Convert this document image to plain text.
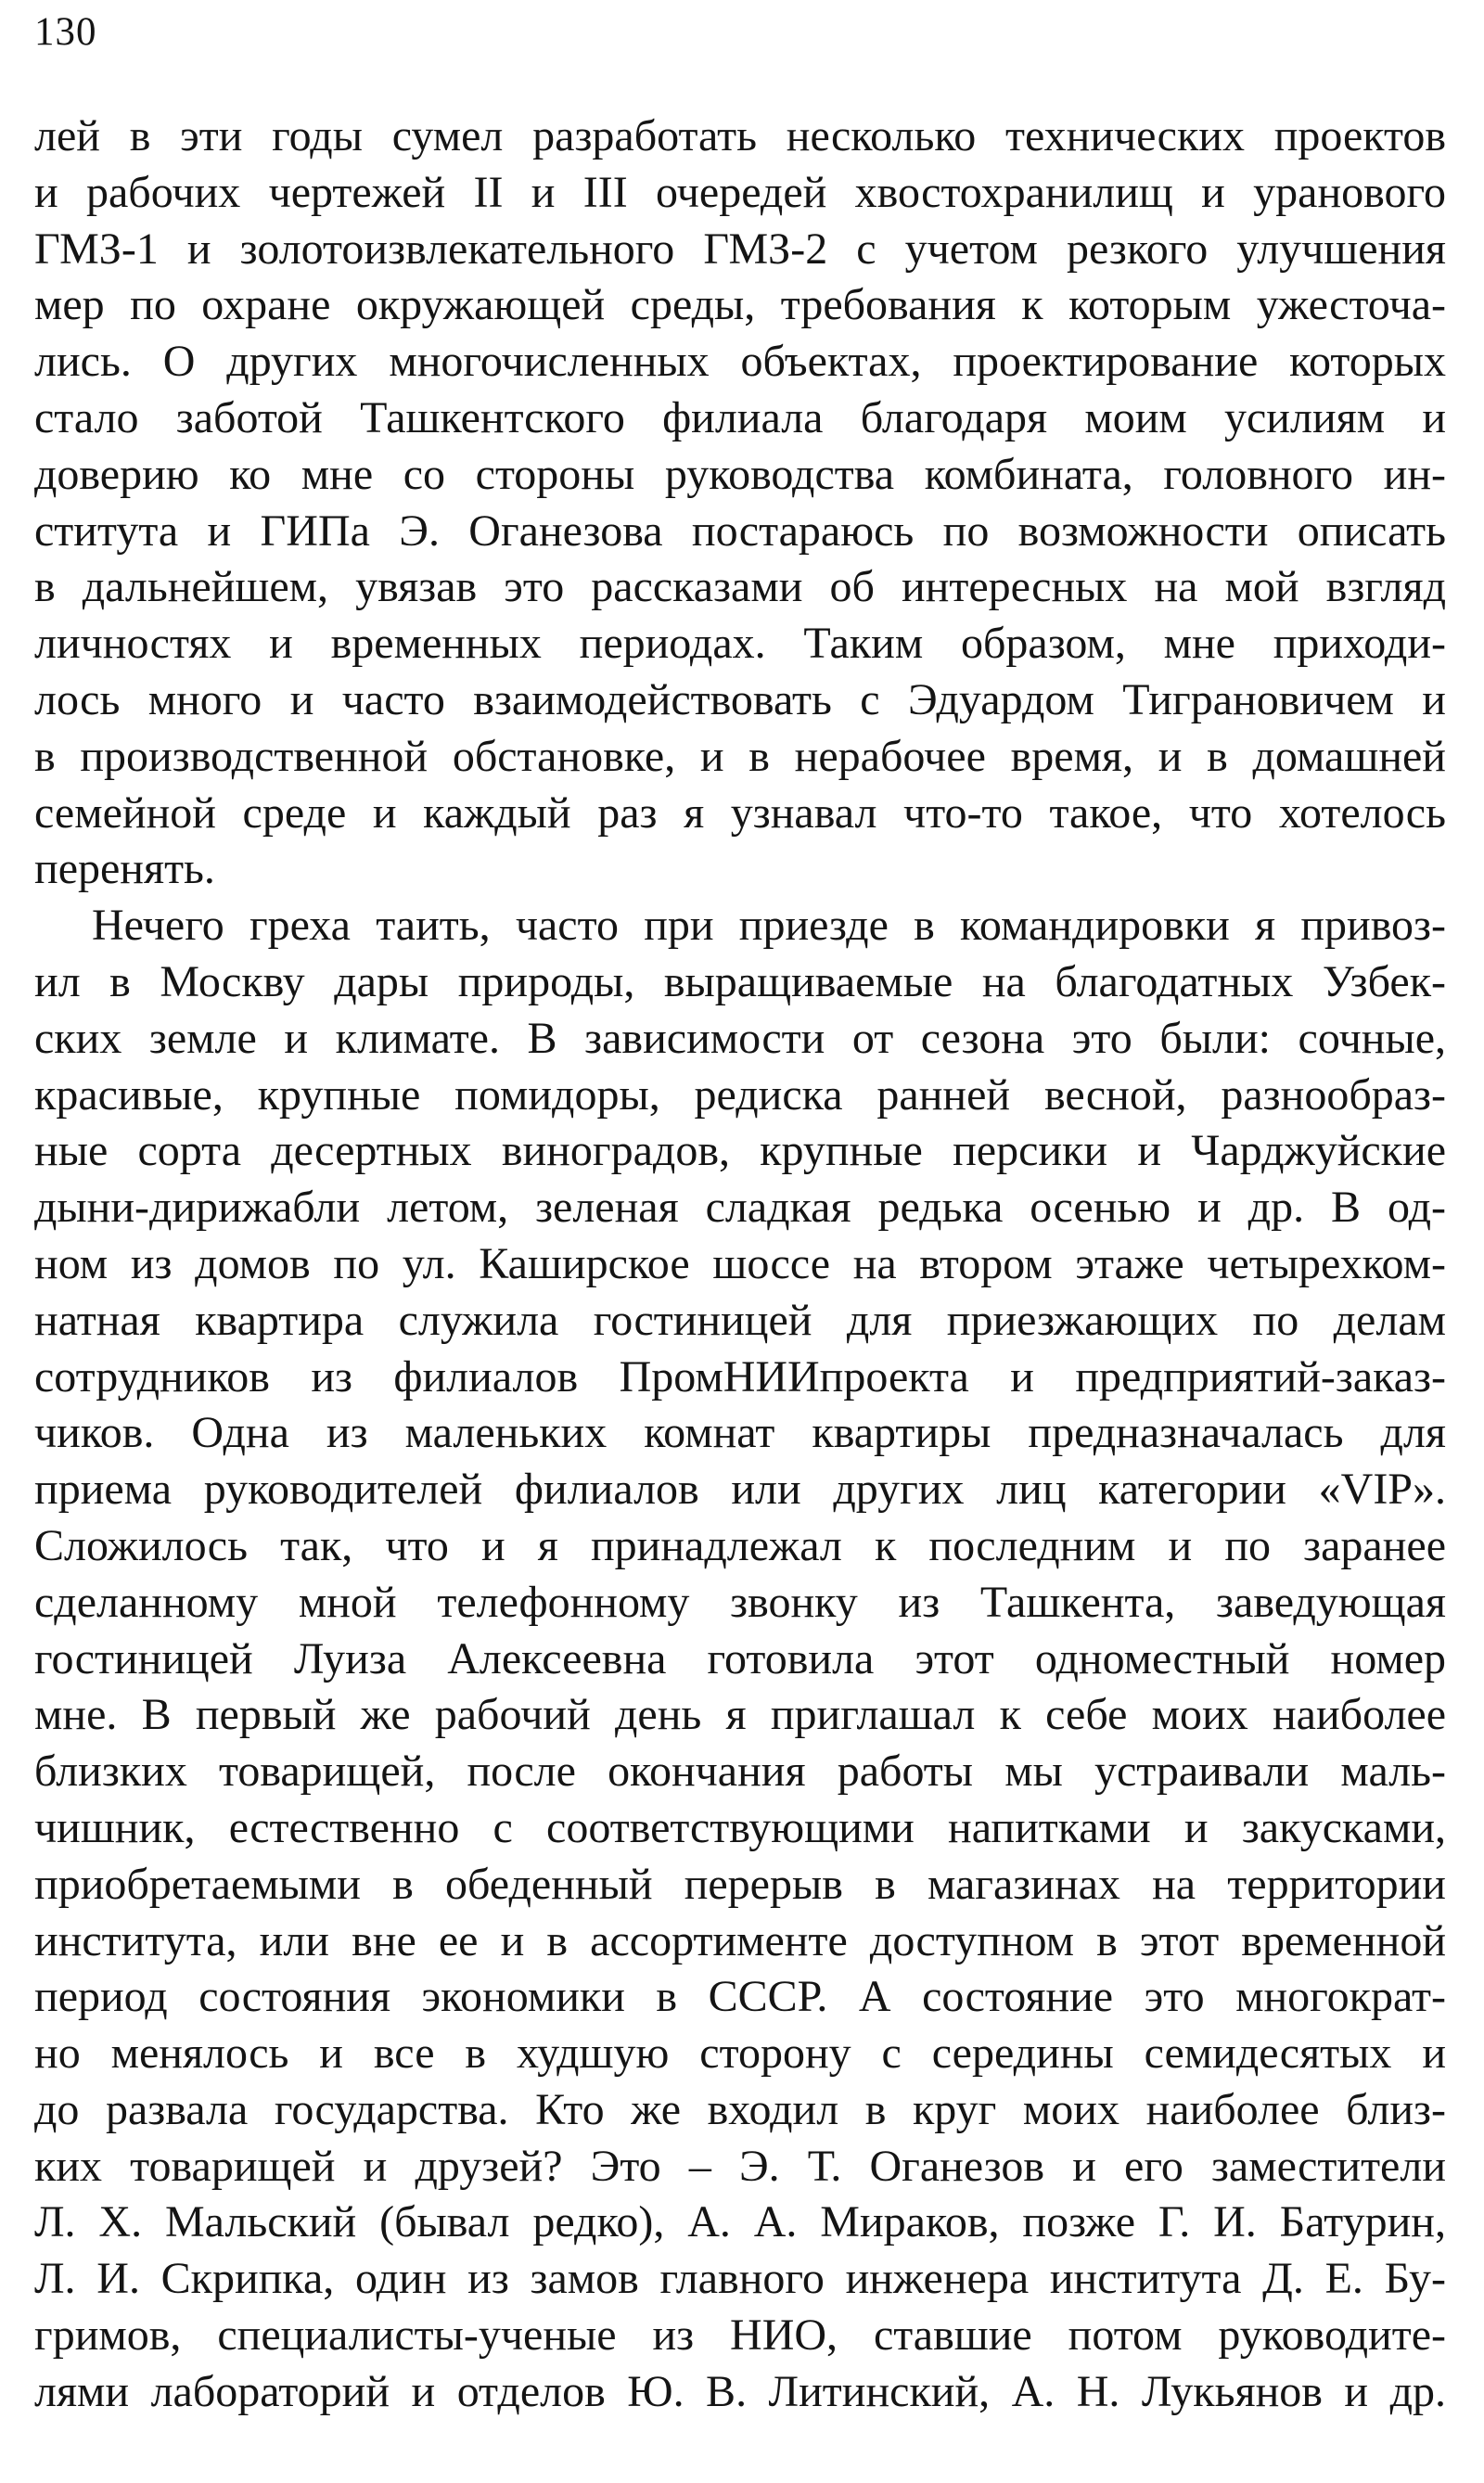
130
лей в эти годы сумел разработать несколько технических проектов
и рабочих чертежей II и III очередей хвостохранилищ и уранового
ГМЗ-1 и золотоизвлекательного ГМЗ-2 с учетом резкого улучшения
мер по охране окружающей среды, требования к которым ужесточа-
лись. О других многочисленных объектах, проектирование которых
стало заботой Ташкентского филиала благодаря моим усилиям и
доверию ко мне со стороны руководства комбината, головного ин-
ститута и ГИПа Э. Оганезова постараюсь по возможности описать
в дальнейшем, увязав это рассказами об интересных на мой взгляд
личностях и временных периодах. Таким образом, мне приходи-
лось много и часто взаимодействовать с Эдуардом Тиграновичем и
в производственной обстановке, и в нерабочее время, и в домашней
семейной среде и каждый раз я узнавал что-то такое, что хотелось
перенять.
Нечего греха таить, часто при приезде в командировки я привоз-
ил в Москву дары природы, выращиваемые на благодатных Узбек-
ских земле и климате. В зависимости от сезона это были: сочные,
красивые, крупные помидоры, редиска ранней весной, разнообраз-
ные сорта десертных виноградов, крупные персики и Чарджуйские
дыни-дирижабли летом, зеленая сладкая редька осенью и др. В од-
ном из домов по ул. Каширское шоссе на втором этаже четырехком-
натная квартира служила гостиницей для приезжающих по делам
сотрудников из филиалов ПромНИИпроекта и предприятий-заказ-
чиков. Одна из маленьких комнат квартиры предназначалась для
приема руководителей филиалов или других лиц категории «VIP».
Сложилось так, что и я принадлежал к последним и по заранее
сделанному мной телефонному звонку из Ташкента, заведующая
гостиницей Луиза Алексеевна готовила этот одноместный номер
мне. В первый же рабочий день я приглашал к себе моих наиболее
близких товарищей, после окончания работы мы устраивали маль-
чишник, естественно с соответствующими напитками и закусками,
приобретаемыми в обеденный перерыв в магазинах на территории
института, или вне ее и в ассортименте доступном в этот временной
период состояния экономики в СССР. А состояние это многократ-
но менялось и все в худшую сторону с середины семидесятых и
до развала государства. Кто же входил в круг моих наиболее близ-
ких товарищей и друзей? Это – Э. Т. Оганезов и его заместители
Л. Х. Мальский (бывал редко), А. А. Мираков, позже Г. И. Батурин,
Л. И. Скрипка, один из замов главного инженера института Д. Е. Бу-
гримов, специалисты-ученые из НИО, ставшие потом руководите-
лями лабораторий и отделов Ю. В. Литинский, А. Н. Лукьянов и др.
